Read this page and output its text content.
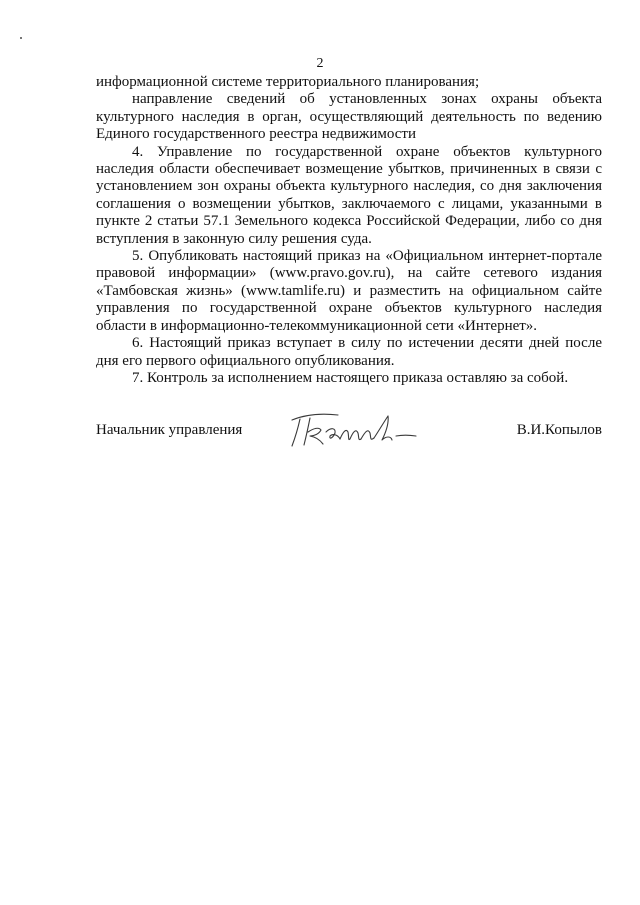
2

информационной системе территориального планирования;

направление сведений об установленных зонах охраны объекта культурного наследия в орган, осуществляющий деятельность по ведению Единого государственного реестра недвижимости

4. Управление по государственной охране объектов культурного наследия области обеспечивает возмещение убытков, причиненных в связи с установлением зон охраны объекта культурного наследия, со дня заключения соглашения о возмещении убытков, заключаемого с лицами, указанными в пункте 2 статьи 57.1 Земельного кодекса Российской Федерации, либо со дня вступления в законную силу решения суда.

5. Опубликовать настоящий приказ на «Официальном интернет-портале правовой информации» (www.pravo.gov.ru), на сайте сетевого издания «Тамбовская жизнь» (www.tamlife.ru) и разместить на официальном сайте управления по государственной охране объектов культурного наследия области в информационно-телекоммуникационной сети «Интернет».

6. Настоящий приказ вступает в силу по истечении десяти дней после дня его первого официального опубликования.

7. Контроль за исполнением настоящего приказа оставляю за собой.

Начальник управления	В.И.Копылов
